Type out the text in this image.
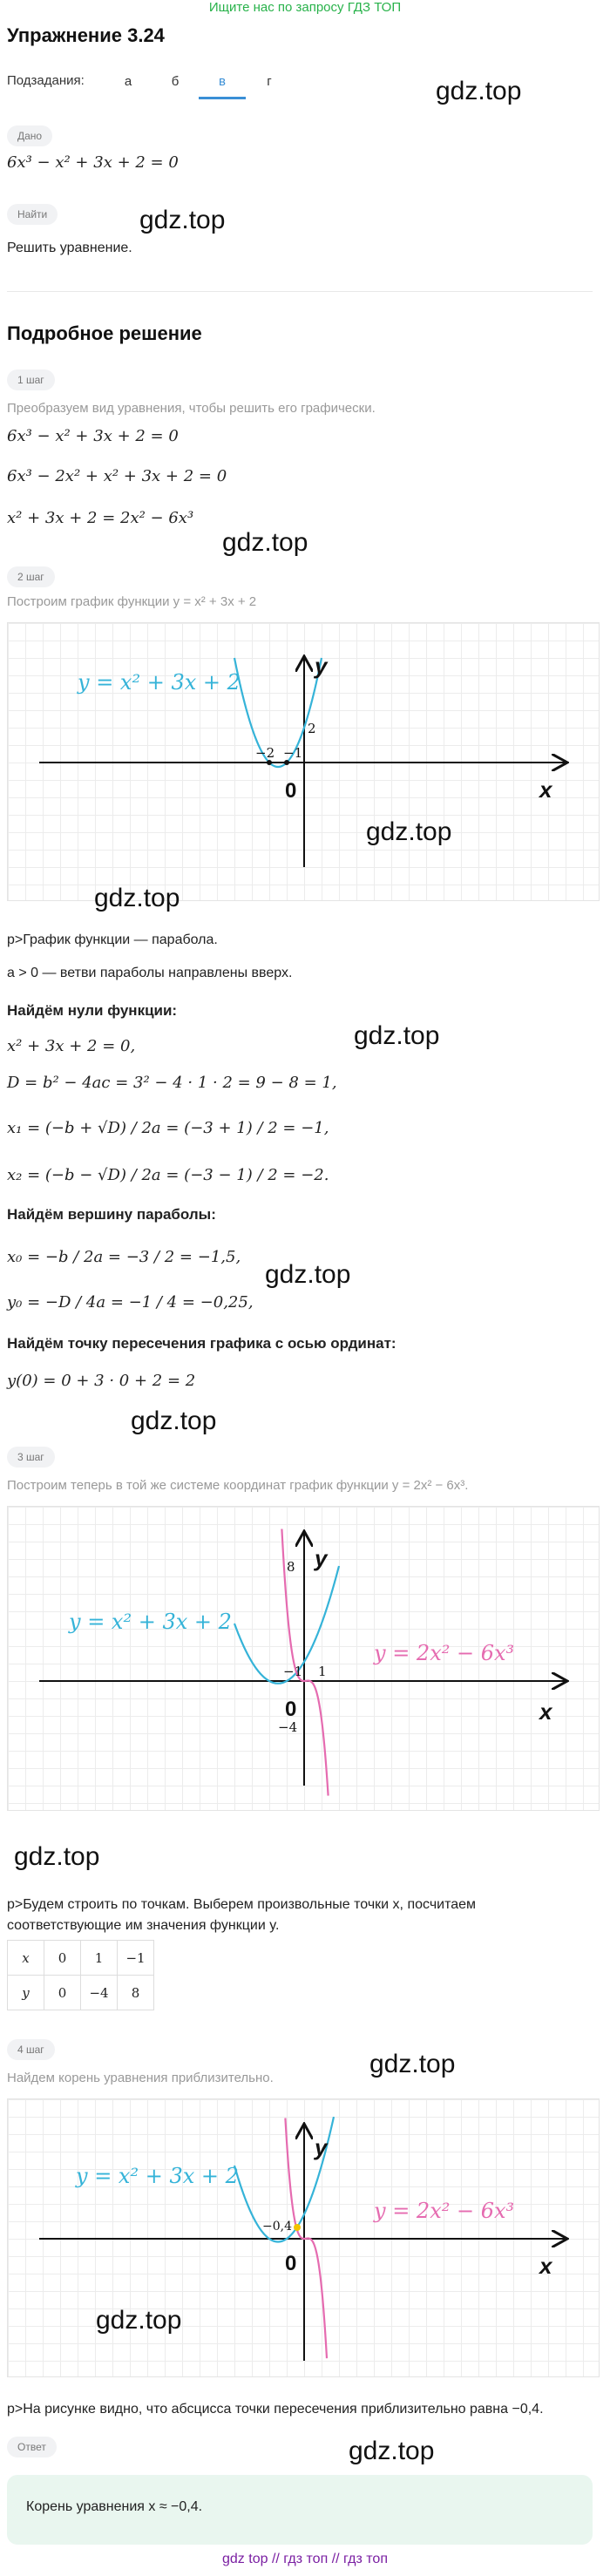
Ищите нас по запросу ГДЗ ТОП
Упражнение 3.24
Подзадания:	а	б	в	г	gdz.top
Дано
6x³ − x² + 3x + 2 = 0
Найти	gdz.top
Решить уравнение.
Подробное решение
1 шаг
Преобразуем вид уравнения, чтобы решить его графически.
6x³ − x² + 3x + 2 = 0
6x³ − 2x² + x² + 3x + 2 = 0
x² + 3x + 2 = 2x² − 6x³
gdz.top
2 шаг
Построим график функции y = x² + 3x + 2
y = x² + 3x + 2
y
x
0
−2 −1
2
gdz.top
gdz.top
p>График функции — парабола.
a > 0 — ветви параболы направлены вверх.
Найдём нули функции:
gdz.top
x² + 3x + 2 = 0,
D = b² − 4ac = 3² − 4 · 1 · 2 = 9 − 8 = 1,
x₁ = (−b + √D) / 2a = (−3 + 1) / 2 = −1,
x₂ = (−b − √D) / 2a = (−3 − 1) / 2 = −2.
Найдём вершину параболы:
x₀ = −b / 2a = −3 / 2 = −1,5,
gdz.top
y₀ = −D / 4a = −1 / 4 = −0,25,
Найдём точку пересечения графика с осью ординат:
y(0) = 0 + 3 · 0 + 2 = 2
gdz.top
3 шаг
Построим теперь в той же системе координат график функции y = 2x² − 6x³.
y = x² + 3x + 2
y = 2x² − 6x³
y
x
0
8
−4
−1 1
gdz.top
p>Будем строить по точкам. Выберем произвольные точки x, посчитаем соответствующие им значения функции y.
x	0	1	−1
y	0	−4	8
4 шаг	gdz.top
Найдем корень уравнения приблизительно.
y = x² + 3x + 2
y = 2x² − 6x³
y
x
0
−0,4
gdz.top
p>На рисунке видно, что абсцисса точки пересечения приблизительно равна −0,4.
Ответ	gdz.top
Корень уравнения x ≈ −0,4.
gdz top // гдз топ // гдз топ
